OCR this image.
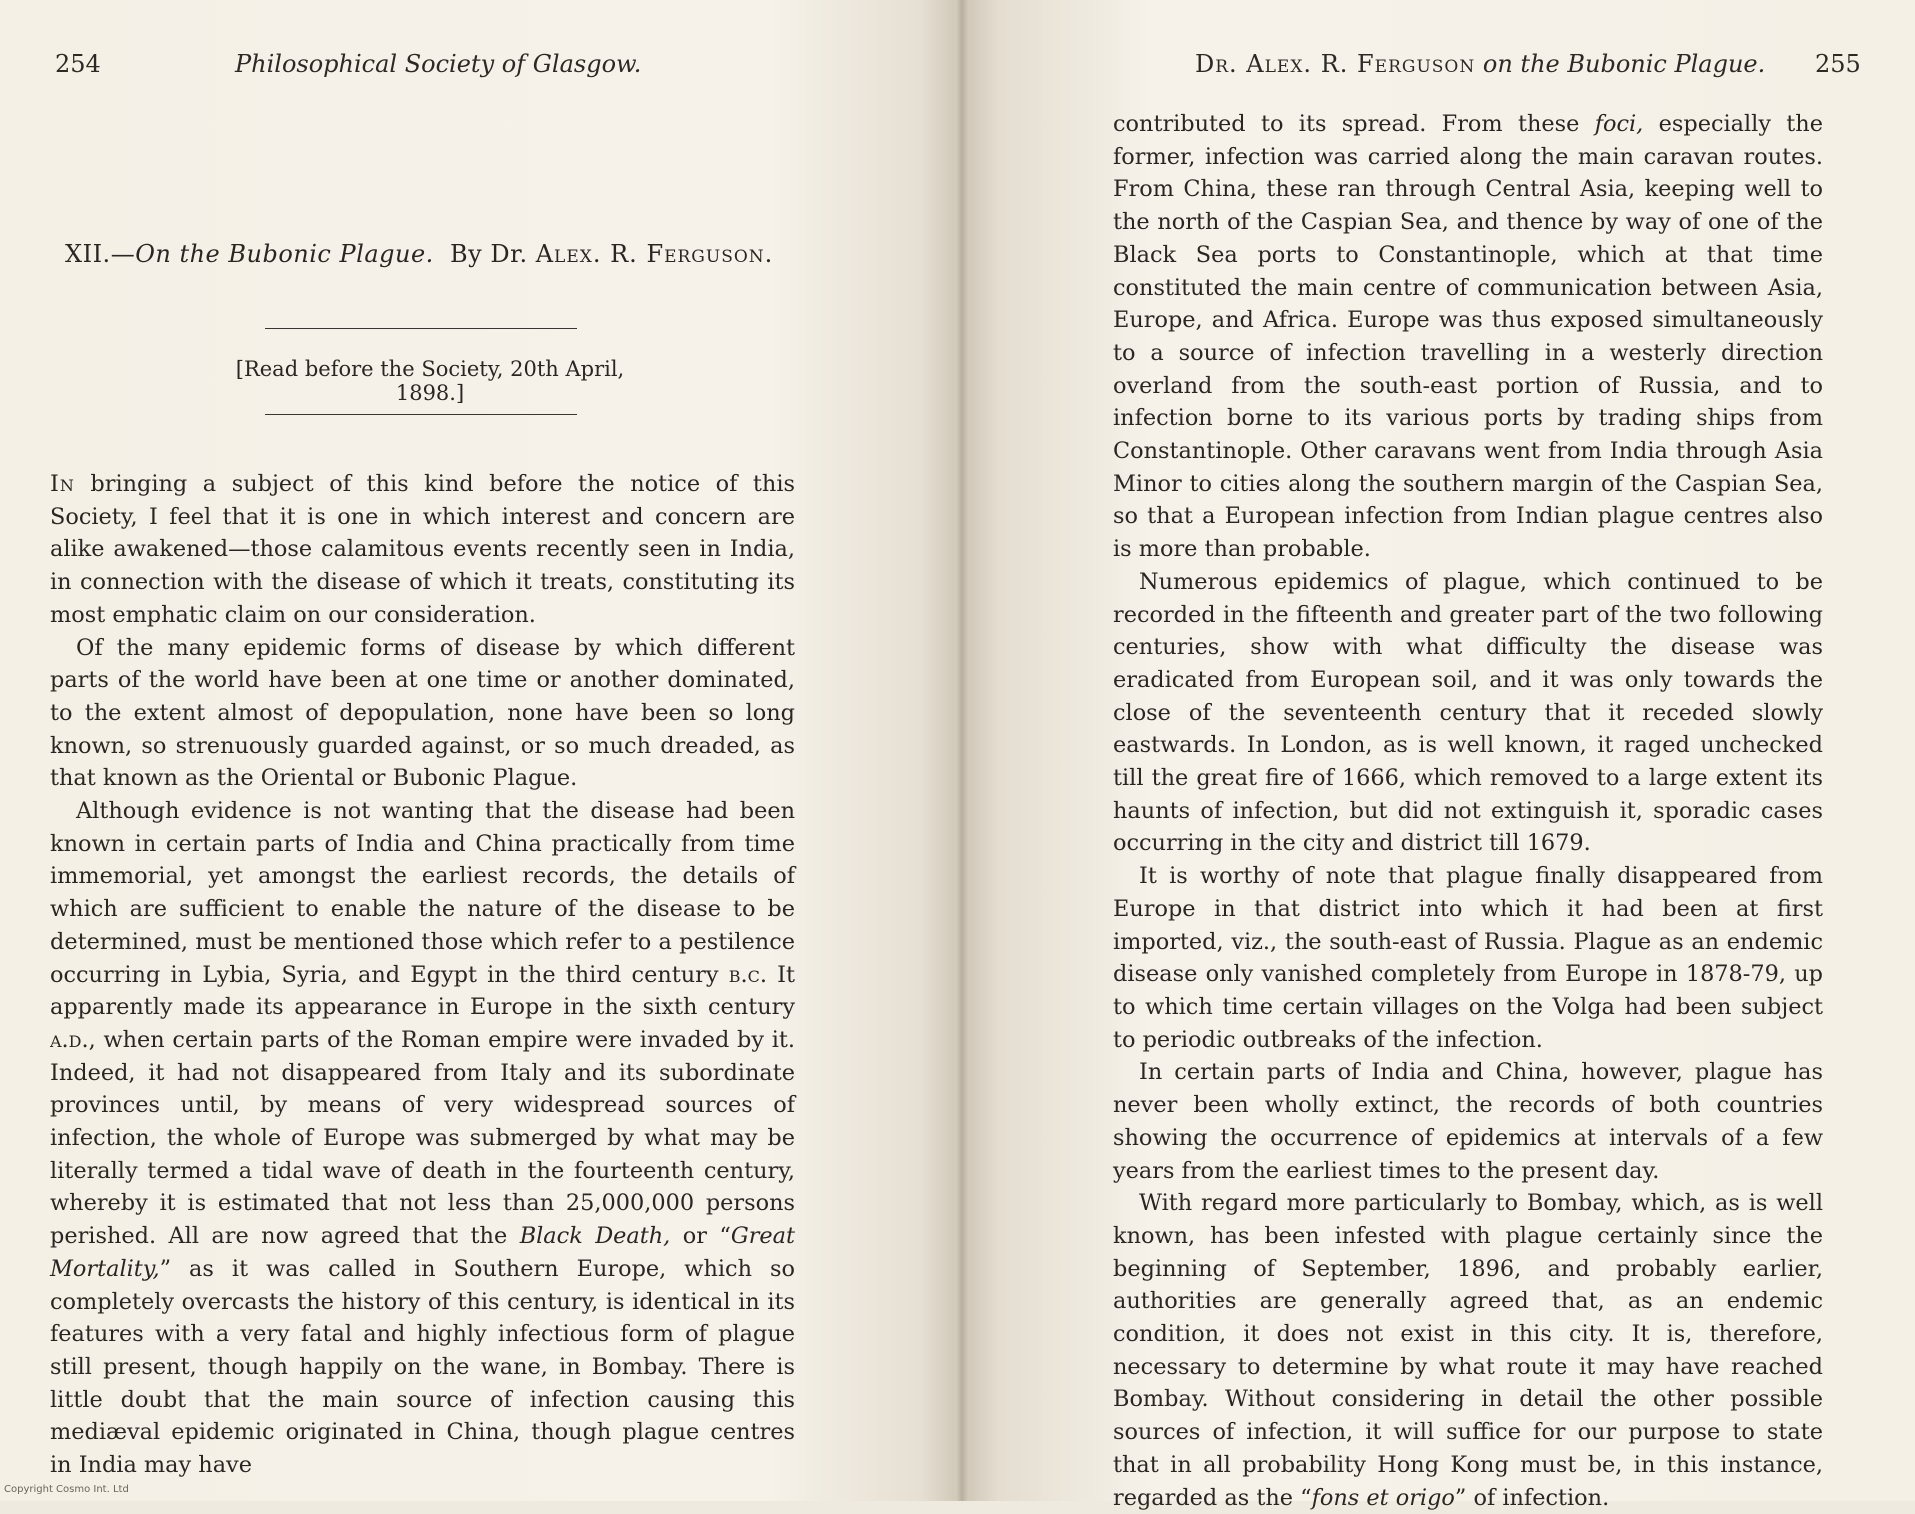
254	Philosophical Society of Glasgow.
XII.—On the Bubonic Plague. By Dr. Alex. R. Ferguson.
[Read before the Society, 20th April, 1898.]

In bringing a subject of this kind before the notice of this Society, I feel that it is one in which interest and concern are alike awakened—those calamitous events recently seen in India, in connection with the disease of which it treats, constituting its most emphatic claim on our consideration.

Of the many epidemic forms of disease by which different parts of the world have been at one time or another dominated, to the extent almost of depopulation, none have been so long known, so strenuously guarded against, or so much dreaded, as that known as the Oriental or Bubonic Plague.

Although evidence is not wanting that the disease had been known in certain parts of India and China practically from time immemorial, yet amongst the earliest records, the details of which are sufficient to enable the nature of the disease to be determined, must be mentioned those which refer to a pestilence occurring in Lybia, Syria, and Egypt in the third century b.c. It apparently made its appearance in Europe in the sixth century a.d., when certain parts of the Roman empire were invaded by it. Indeed, it had not disappeared from Italy and its subordinate provinces until, by means of very widespread sources of infection, the whole of Europe was submerged by what may be literally termed a tidal wave of death in the fourteenth century, whereby it is estimated that not less than 25,000,000 persons perished. All are now agreed that the Black Death, or “Great Mortality,” as it was called in Southern Europe, which so completely overcasts the history of this century, is identical in its features with a very fatal and highly infectious form of plague still present, though happily on the wane, in Bombay. There is little doubt that the main source of infection causing this mediæval epidemic originated in China, though plague centres in India may have

Dr. Alex. R. Ferguson on the Bubonic Plague. 255

contributed to its spread. From these foci, especially the former, infection was carried along the main caravan routes. From China, these ran through Central Asia, keeping well to the north of the Caspian Sea, and thence by way of one of the Black Sea ports to Constantinople, which at that time constituted the main centre of communication between Asia, Europe, and Africa. Europe was thus exposed simultaneously to a source of infection travelling in a westerly direction overland from the south-east portion of Russia, and to infection borne to its various ports by trading ships from Constantinople. Other caravans went from India through Asia Minor to cities along the southern margin of the Caspian Sea, so that a European infection from Indian plague centres also is more than probable.

Numerous epidemics of plague, which continued to be recorded in the fifteenth and greater part of the two following centuries, show with what difficulty the disease was eradicated from European soil, and it was only towards the close of the seventeenth century that it receded slowly eastwards. In London, as is well known, it raged unchecked till the great fire of 1666, which removed to a large extent its haunts of infection, but did not extinguish it, sporadic cases occurring in the city and district till 1679.

It is worthy of note that plague finally disappeared from Europe in that district into which it had been at first imported, viz., the south-east of Russia. Plague as an endemic disease only vanished completely from Europe in 1878-79, up to which time certain villages on the Volga had been subject to periodic outbreaks of the infection.

In certain parts of India and China, however, plague has never been wholly extinct, the records of both countries showing the occurrence of epidemics at intervals of a few years from the earliest times to the present day.

With regard more particularly to Bombay, which, as is well known, has been infested with plague certainly since the beginning of September, 1896, and probably earlier, authorities are generally agreed that, as an endemic condition, it does not exist in this city. It is, therefore, necessary to determine by what route it may have reached Bombay. Without considering in detail the other possible sources of infection, it will suffice for our purpose to state that in all probability Hong Kong must be, in this instance, regarded as the “fons et origo” of infection.

Copyright Cosmo Int. Ltd
